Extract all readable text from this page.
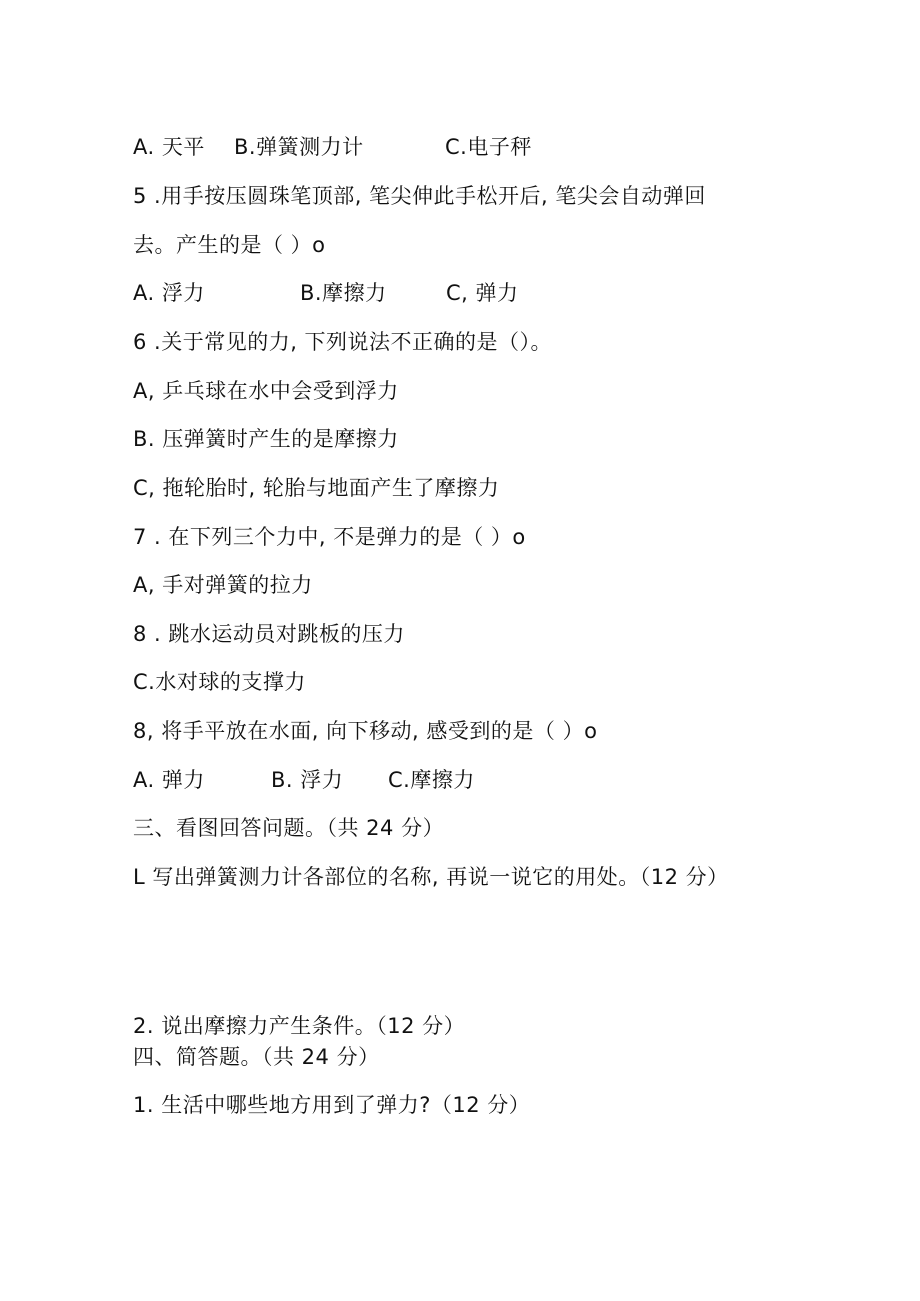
A. 天平 B.弹簧测力计	C.电子秤
5 .用手按压圆珠笔顶部, 笔尖伸此手松开后, 笔尖会自动弹回
去。产生的是（ ）o
A. 浮力	B.摩擦力	C, 弹力
6 .关于常见的力, 下列说法不正确的是（）。
A, 乒乓球在水中会受到浮力
B. 压弹簧时产生的是摩擦力
C, 拖轮胎时, 轮胎与地面产生了摩擦力
7 . 在下列三个力中, 不是弹力的是（ ）o
A, 手对弹簧的拉力
8 . 跳水运动员对跳板的压力
C.水对球的支撑力
8, 将手平放在水面, 向下移动, 感受到的是（ ）o
A. 弹力	B. 浮力 C.摩擦力
三、看图回答问题。（共 24 分）
L 写出弹簧测力计各部位的名称, 再说一说它的用处。（12 分）
2. 说出摩擦力产生条件。（12 分）
四、简答题。（共 24 分）
1. 生活中哪些地方用到了弹力?（12 分）
